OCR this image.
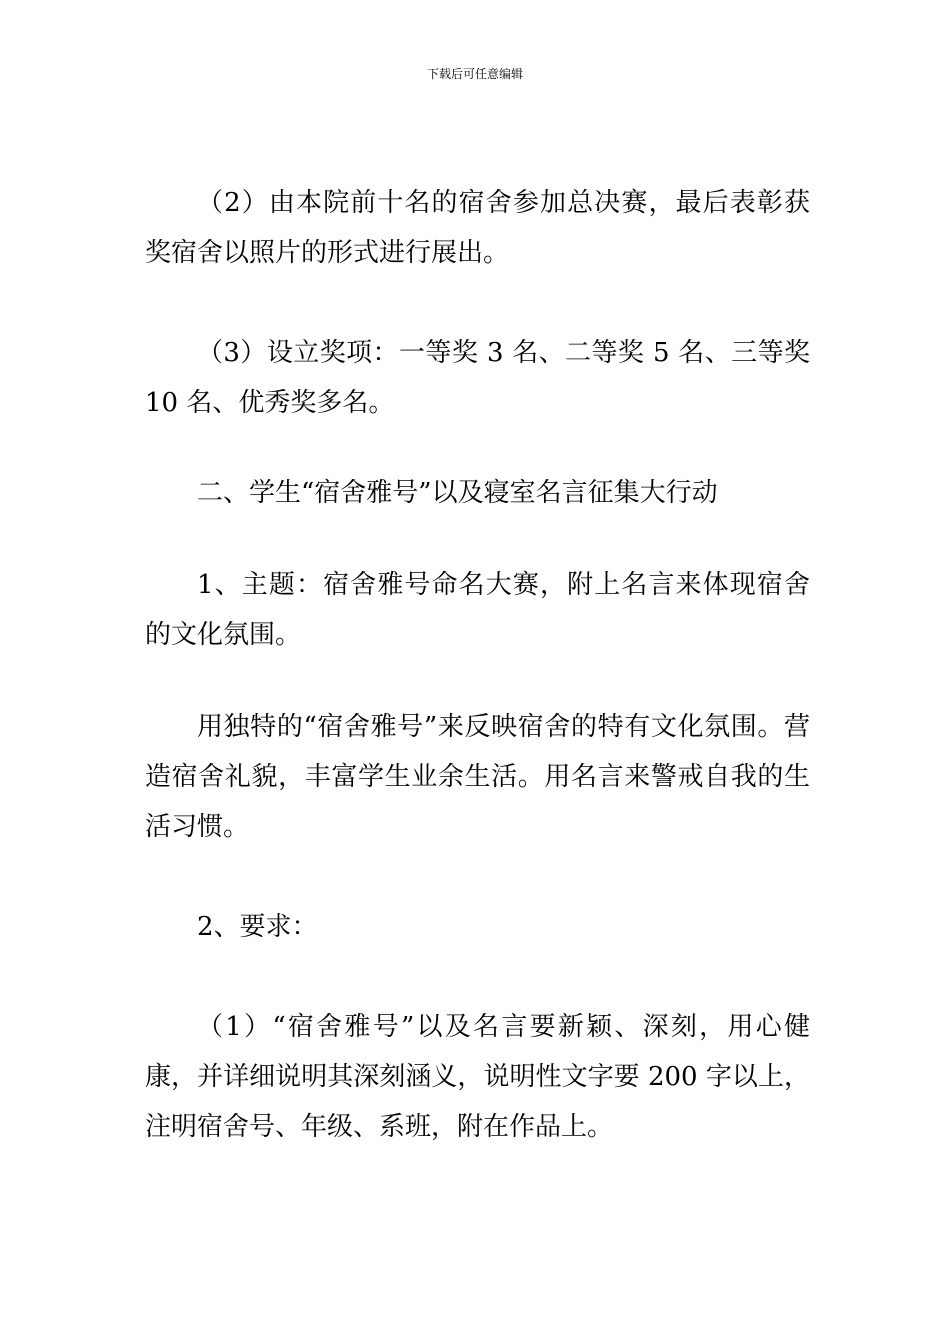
下载后可任意编辑

（2）由本院前十名的宿舍参加总决赛，最后表彰获奖宿舍以照片的形式进行展出。

（3）设立奖项：一等奖 3 名、二等奖 5 名、三等奖 10 名、优秀奖多名。

二、学生“宿舍雅号”以及寝室名言征集大行动

1、主题：宿舍雅号命名大赛，附上名言来体现宿舍的文化氛围。

用独特的“宿舍雅号”来反映宿舍的特有文化氛围。营造宿舍礼貌，丰富学生业余生活。用名言来警戒自我的生活习惯。

2、要求：

（1）“宿舍雅号”以及名言要新颖、深刻，用心健康，并详细说明其深刻涵义，说明性文字要 200 字以上，注明宿舍号、年级、系班，附在作品上。
